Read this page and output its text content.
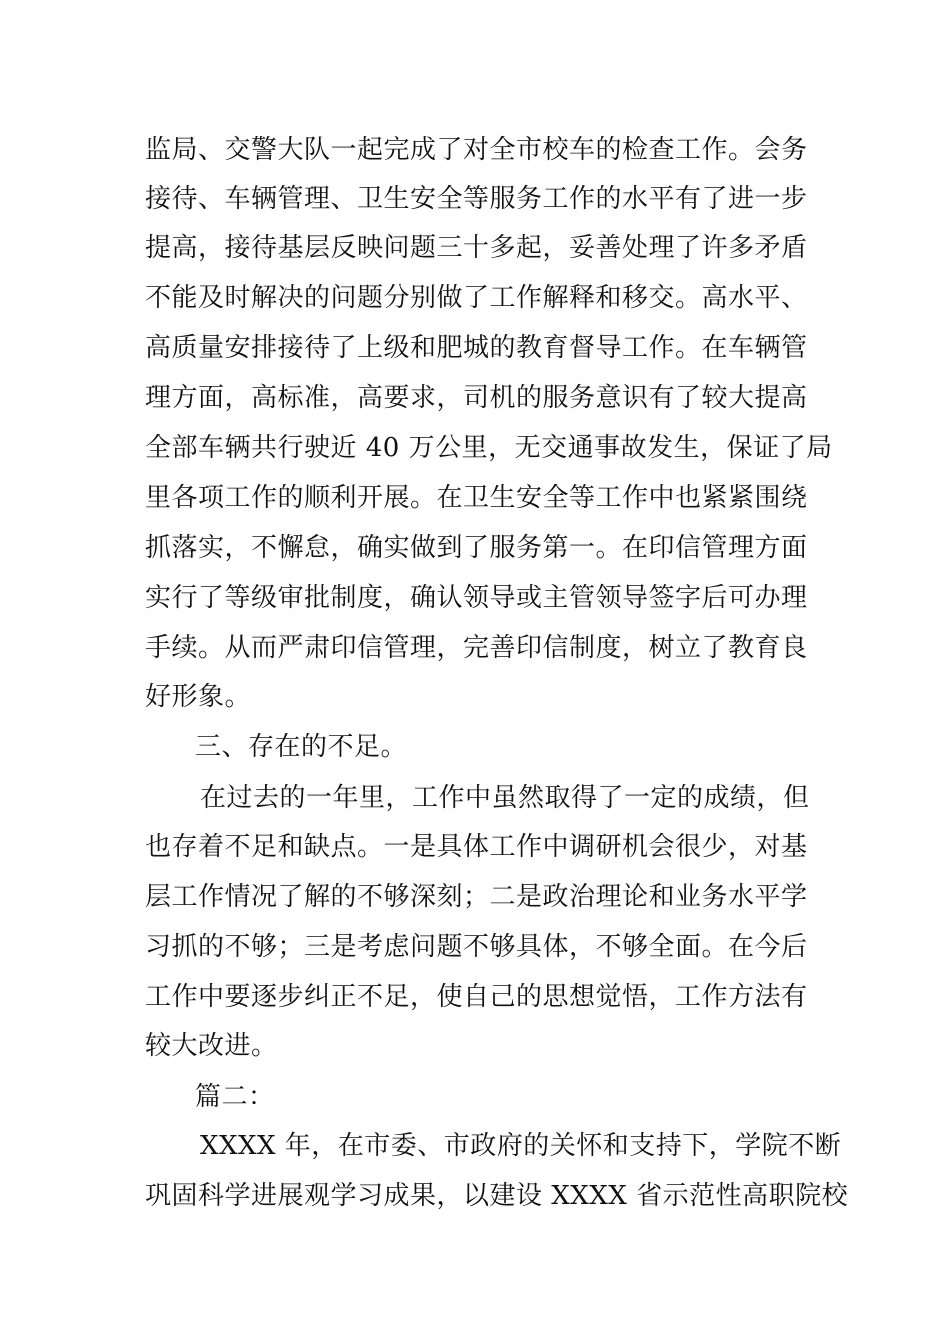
监局、交警大队一起完成了对全市校车的检查工作。会务
接待、车辆管理、卫生安全等服务工作的水平有了进一步
提高，接待基层反映问题三十多起，妥善处理了许多矛盾
不能及时解决的问题分别做了工作解释和移交。高水平、
高质量安排接待了上级和肥城的教育督导工作。在车辆管
理方面，高标准，高要求，司机的服务意识有了较大提高
全部车辆共行驶近 40 万公里，无交通事故发生，保证了局
里各项工作的顺利开展。在卫生安全等工作中也紧紧围绕
抓落实，不懈怠，确实做到了服务第一。在印信管理方面
实行了等级审批制度，确认领导或主管领导签字后可办理
手续。从而严肃印信管理，完善印信制度，树立了教育良
好形象。
三、存在的不足。
在过去的一年里，工作中虽然取得了一定的成绩，但
也存着不足和缺点。一是具体工作中调研机会很少，对基
层工作情况了解的不够深刻；二是政治理论和业务水平学
习抓的不够；三是考虑问题不够具体，不够全面。在今后
工作中要逐步纠正不足，使自己的思想觉悟，工作方法有
较大改进。
篇二：
XXXX 年，在市委、市政府的关怀和支持下，学院不断
巩固科学进展观学习成果，以建设 XXXX 省示范性高职院校
